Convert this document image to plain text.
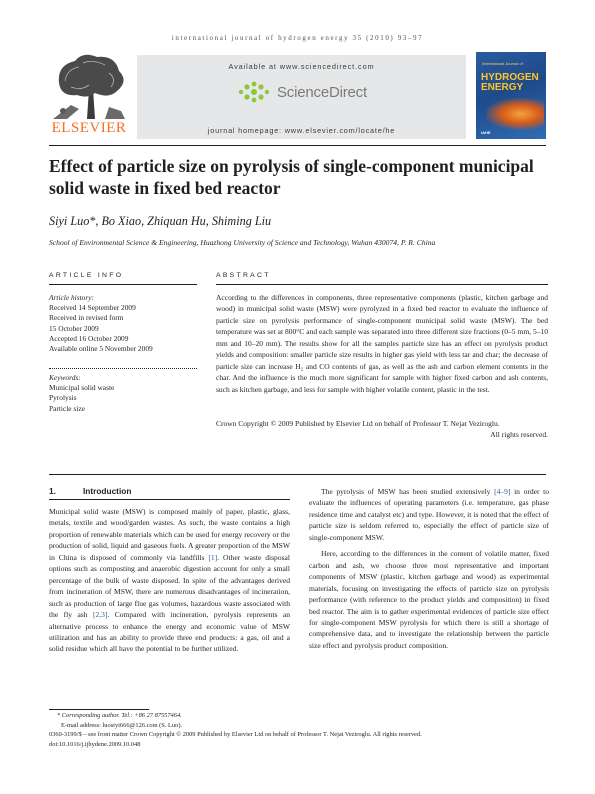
international journal of hydrogen energy 35 (2010) 93–97
ELSEVIER
Available at www.sciencedirect.com
ScienceDirect
journal homepage: www.elsevier.com/locate/he
International Journal of
HYDROGEN
ENERGY
IAHE
Effect of particle size on pyrolysis of single-component municipal solid waste in fixed bed reactor
Siyi Luo*, Bo Xiao, Zhiquan Hu, Shiming Liu
School of Environmental Science & Engineering, Huazhong University of Science and Technology, Wuhan 430074, P. R. China
ARTICLE INFO
Article history:
Received 14 September 2009
Received in revised form
15 October 2009
Accepted 16 October 2009
Available online 5 November 2009
Keywords:
Municipal solid waste
Pyrolysis
Particle size
ABSTRACT
According to the differences in components, three representative components (plastic, kitchen garbage and wood) in municipal solid waste (MSW) were pyrolyzed in a fixed bed reactor to evaluate the influence of particle size on pyrolysis performance of single-component municipal solid waste (MSW). The bed temperature was set at 800°C and each sample was separated into three different size fractions (0–5 mm, 5–10 mm and 10–20 mm). The results show for all the samples particle size has an effect on pyrolysis product yields and composition: smaller particle size results in higher gas yield with less tar and char; the decrease of particle size can increase H₂ and CO contents of gas, as well as the ash and carbon element contents in the char. And the influence is the much more significant for sample with higher fixed carbon and ash contents, such as kitchen garbage, and less for sample with higher volatile content, plastic in the test.
Crown Copyright © 2009 Published by Elsevier Ltd on behalf of Professor T. Nejat Veziroglu.
All rights reserved.
1.	Introduction

Municipal solid waste (MSW) is composed mainly of paper, plastic, glass, metals, textile and wood/garden wastes. As such, the waste contains a high proportion of renewable materials which can be used for energy recovery or the production of solid, liquid and gaseous fuels. A greater proportion of the MSW in China is disposed of commonly via landfills [1]. Other waste disposal options such as composting and anaerobic digestion account for only a small percentage of the bulk of waste disposed. In spite of the advantages derived from incineration of MSW, there are numerous disadvantages of incineration, such as production of large flue gas volumes, hazardous waste associated with the fly ash [2,3]. Compared with incineration, pyrolysis represents an alternative process to enhance the energy and economic value of MSW utilization and has an ability to provide three end products: a gas, oil and a solid residue which all have the potential to be further utilized.

The pyrolysis of MSW has been studied extensively [4–9] in order to evaluate the influences of operating parameters (i.e. temperature, gas phase residence time and catalyst etc) and type. However, it is noted that the effect of particle size is seldom referred to, especially the effect of particle size of single-component MSW.

Here, according to the differences in the content of volatile matter, fixed carbon and ash, we choose three most representative and important components of MSW (plastic, kitchen garbage and wood) as experimental materials, focusing on investigating the effects of particle size on pyrolysis performance (with reference to the product yields and composition) in fixed bed reactor. The aim is to gather experimental evidences of particle size effect for single-component MSW pyrolysis for which there is still a shortage of comprehensive data, and to investigate the relationship between the particle size effect and pyrolysis product composition.

* Corresponding author. Tel.: +86 27 87557464.
E-mail address: luosiyi666@126.com (S. Luo).
0360-3199/$ – see front matter Crown Copyright © 2009 Published by Elsevier Ltd on behalf of Professor T. Nejat Veziroglu. All rights reserved.
doi:10.1016/j.ijhydene.2009.10.048
